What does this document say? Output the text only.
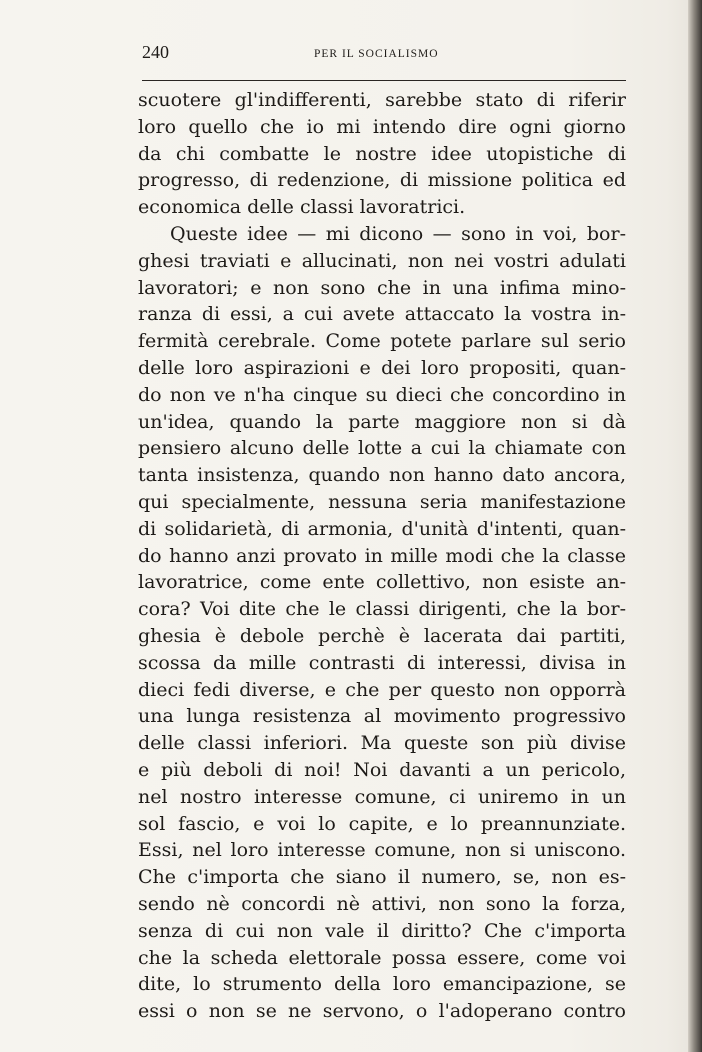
240	PER IL SOCIALISMO
scuotere gl'indifferenti, sarebbe stato di riferir
loro quello che io mi intendo dire ogni giorno
da chi combatte le nostre idee utopistiche di
progresso, di redenzione, di missione politica ed
economica delle classi lavoratrici.
Queste idee — mi dicono — sono in voi, bor-
ghesi traviati e allucinati, non nei vostri adulati
lavoratori; e non sono che in una infima mino-
ranza di essi, a cui avete attaccato la vostra in-
fermità cerebrale. Come potete parlare sul serio
delle loro aspirazioni e dei loro propositi, quan-
do non ve n'ha cinque su dieci che concordino in
un'idea, quando la parte maggiore non si dà
pensiero alcuno delle lotte a cui la chiamate con
tanta insistenza, quando non hanno dato ancora,
qui specialmente, nessuna seria manifestazione
di solidarietà, di armonia, d'unità d'intenti, quan-
do hanno anzi provato in mille modi che la classe
lavoratrice, come ente collettivo, non esiste an-
cora? Voi dite che le classi dirigenti, che la bor-
ghesia è debole perchè è lacerata dai partiti,
scossa da mille contrasti di interessi, divisa in
dieci fedi diverse, e che per questo non opporrà
una lunga resistenza al movimento progressivo
delle classi inferiori. Ma queste son più divise
e più deboli di noi! Noi davanti a un pericolo,
nel nostro interesse comune, ci uniremo in un
sol fascio, e voi lo capite, e lo preannunziate.
Essi, nel loro interesse comune, non si uniscono.
Che c'importa che siano il numero, se, non es-
sendo nè concordi nè attivi, non sono la forza,
senza di cui non vale il diritto? Che c'importa
che la scheda elettorale possa essere, come voi
dite, lo strumento della loro emancipazione, se
essi o non se ne servono, o l'adoperano contro
